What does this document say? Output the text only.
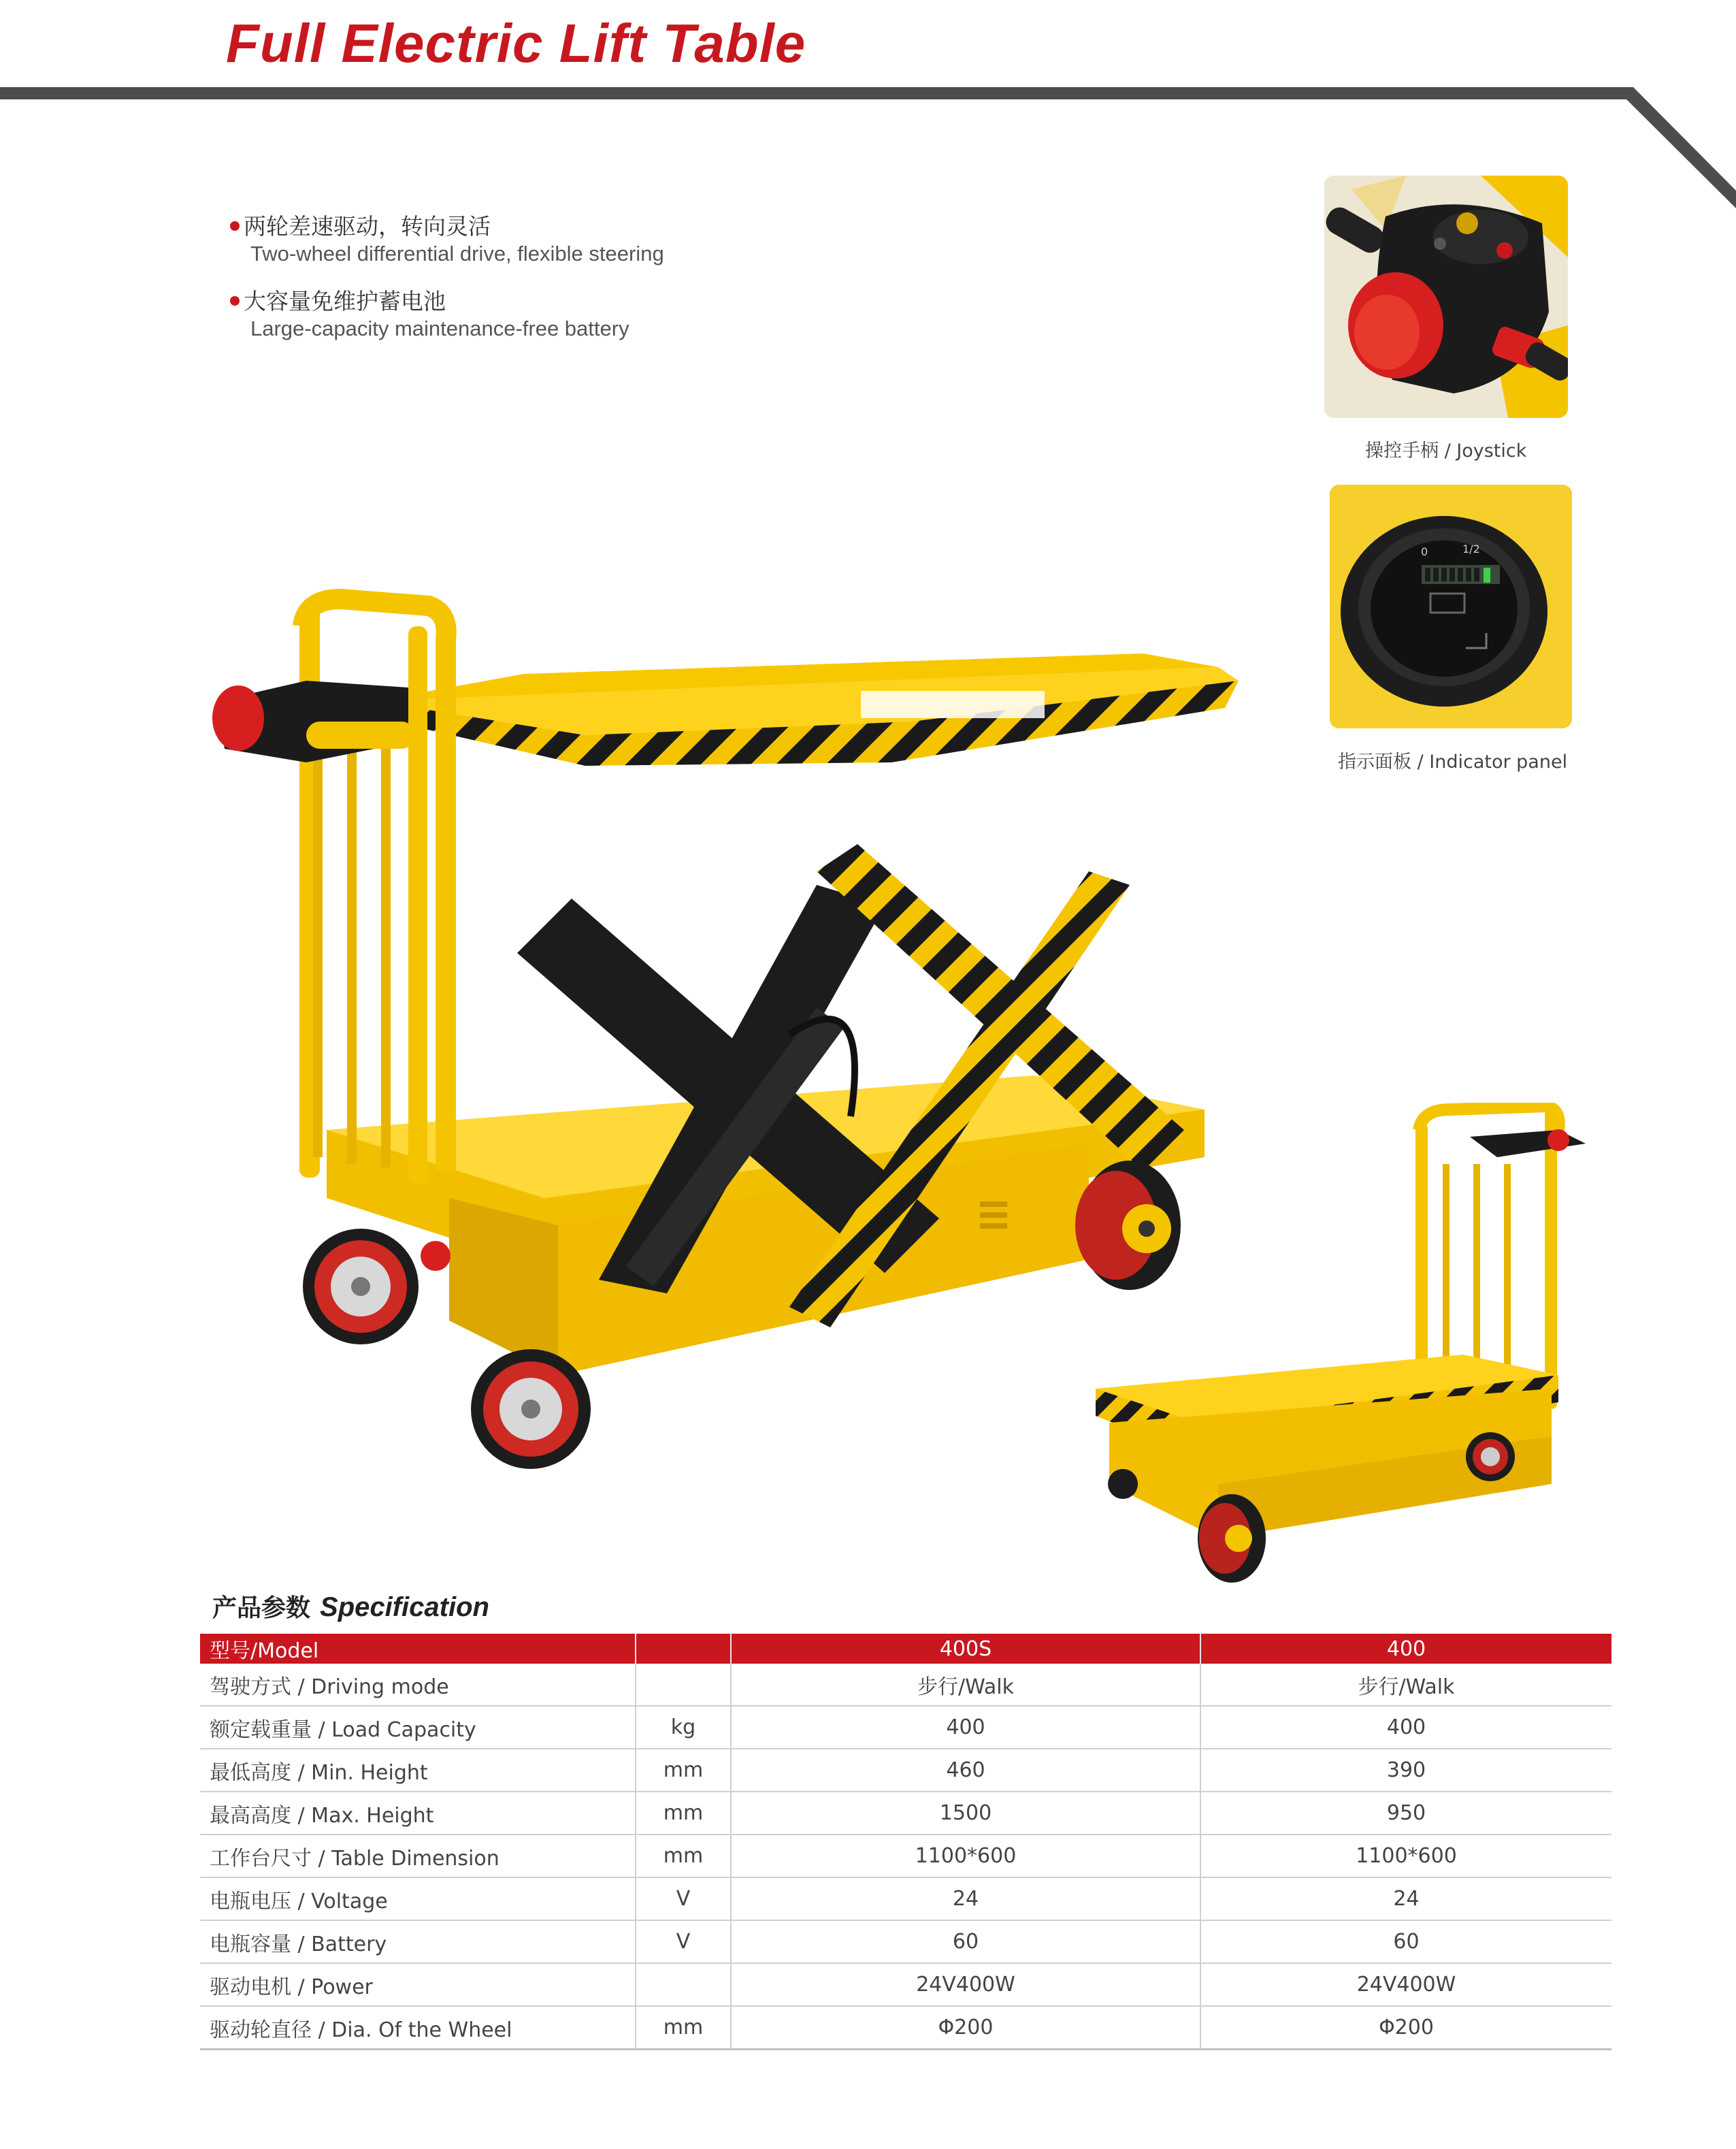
Full Electric Lift Table
两轮差速驱动，转向灵活
Two-wheel differential drive, flexible steering
大容量免维护蓄电池
Large-capacity maintenance-free battery
操控手柄 / Joystick
0	1/2
指示面板 / Indicator panel
产品参数 Specification
型号/Model		400S	400
驾驶方式 / Driving mode		步行/Walk	步行/Walk
额定载重量 / Load Capacity	kg	400	400
最低高度 / Min. Height	mm	460	390
最高高度 / Max. Height	mm	1500	950
工作台尺寸 / Table Dimension	mm	1100*600	1100*600
电瓶电压 / Voltage	V	24	24
电瓶容量 / Battery	V	60	60
驱动电机 / Power		24V400W	24V400W
驱动轮直径 / Dia. Of the Wheel	mm	Φ200	Φ200
